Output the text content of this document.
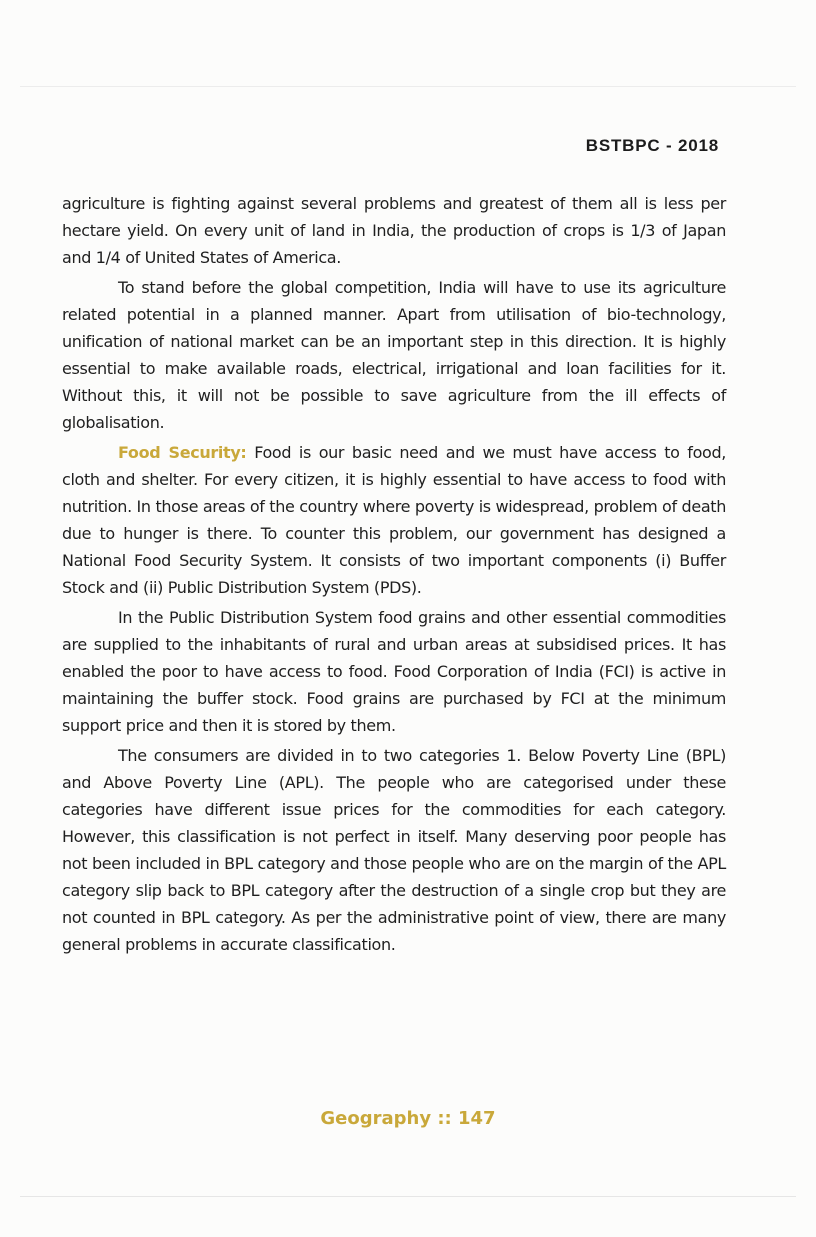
BSTBPC - 2018

agriculture is fighting against several problems and greatest of them all is less per hectare yield. On every unit of land in India, the production of crops is 1/3 of Japan and 1/4 of United States of America.

To stand before the global competition, India will have to use its agriculture related potential in a planned manner. Apart from utilisation of bio-technology, unification of national market can be an important step in this direction. It is highly essential to make available roads, electrical, irrigational and loan facilities for it. Without this, it will not be possible to save agriculture from the ill effects of globalisation.

Food Security: Food is our basic need and we must have access to food, cloth and shelter. For every citizen, it is highly essential to have access to food with nutrition. In those areas of the country where poverty is widespread, problem of death due to hunger is there. To counter this problem, our government has designed a National Food Security System. It consists of two important components (i) Buffer Stock and (ii) Public Distribution System (PDS).

In the Public Distribution System food grains and other essential commodities are supplied to the inhabitants of rural and urban areas at subsidised prices. It has enabled the poor to have access to food. Food Corporation of India (FCI) is active in maintaining the buffer stock. Food grains are purchased by FCI at the minimum support price and then it is stored by them.

The consumers are divided in to two categories 1. Below Poverty Line (BPL) and Above Poverty Line (APL). The people who are categorised under these categories have different issue prices for the commodities for each category. However, this classification is not perfect in itself. Many deserving poor people has not been included in BPL category and those people who are on the margin of the APL category slip back to BPL category after the destruction of a single crop but they are not counted in BPL category. As per the administrative point of view, there are many general problems in accurate classification.

Geography :: 147
